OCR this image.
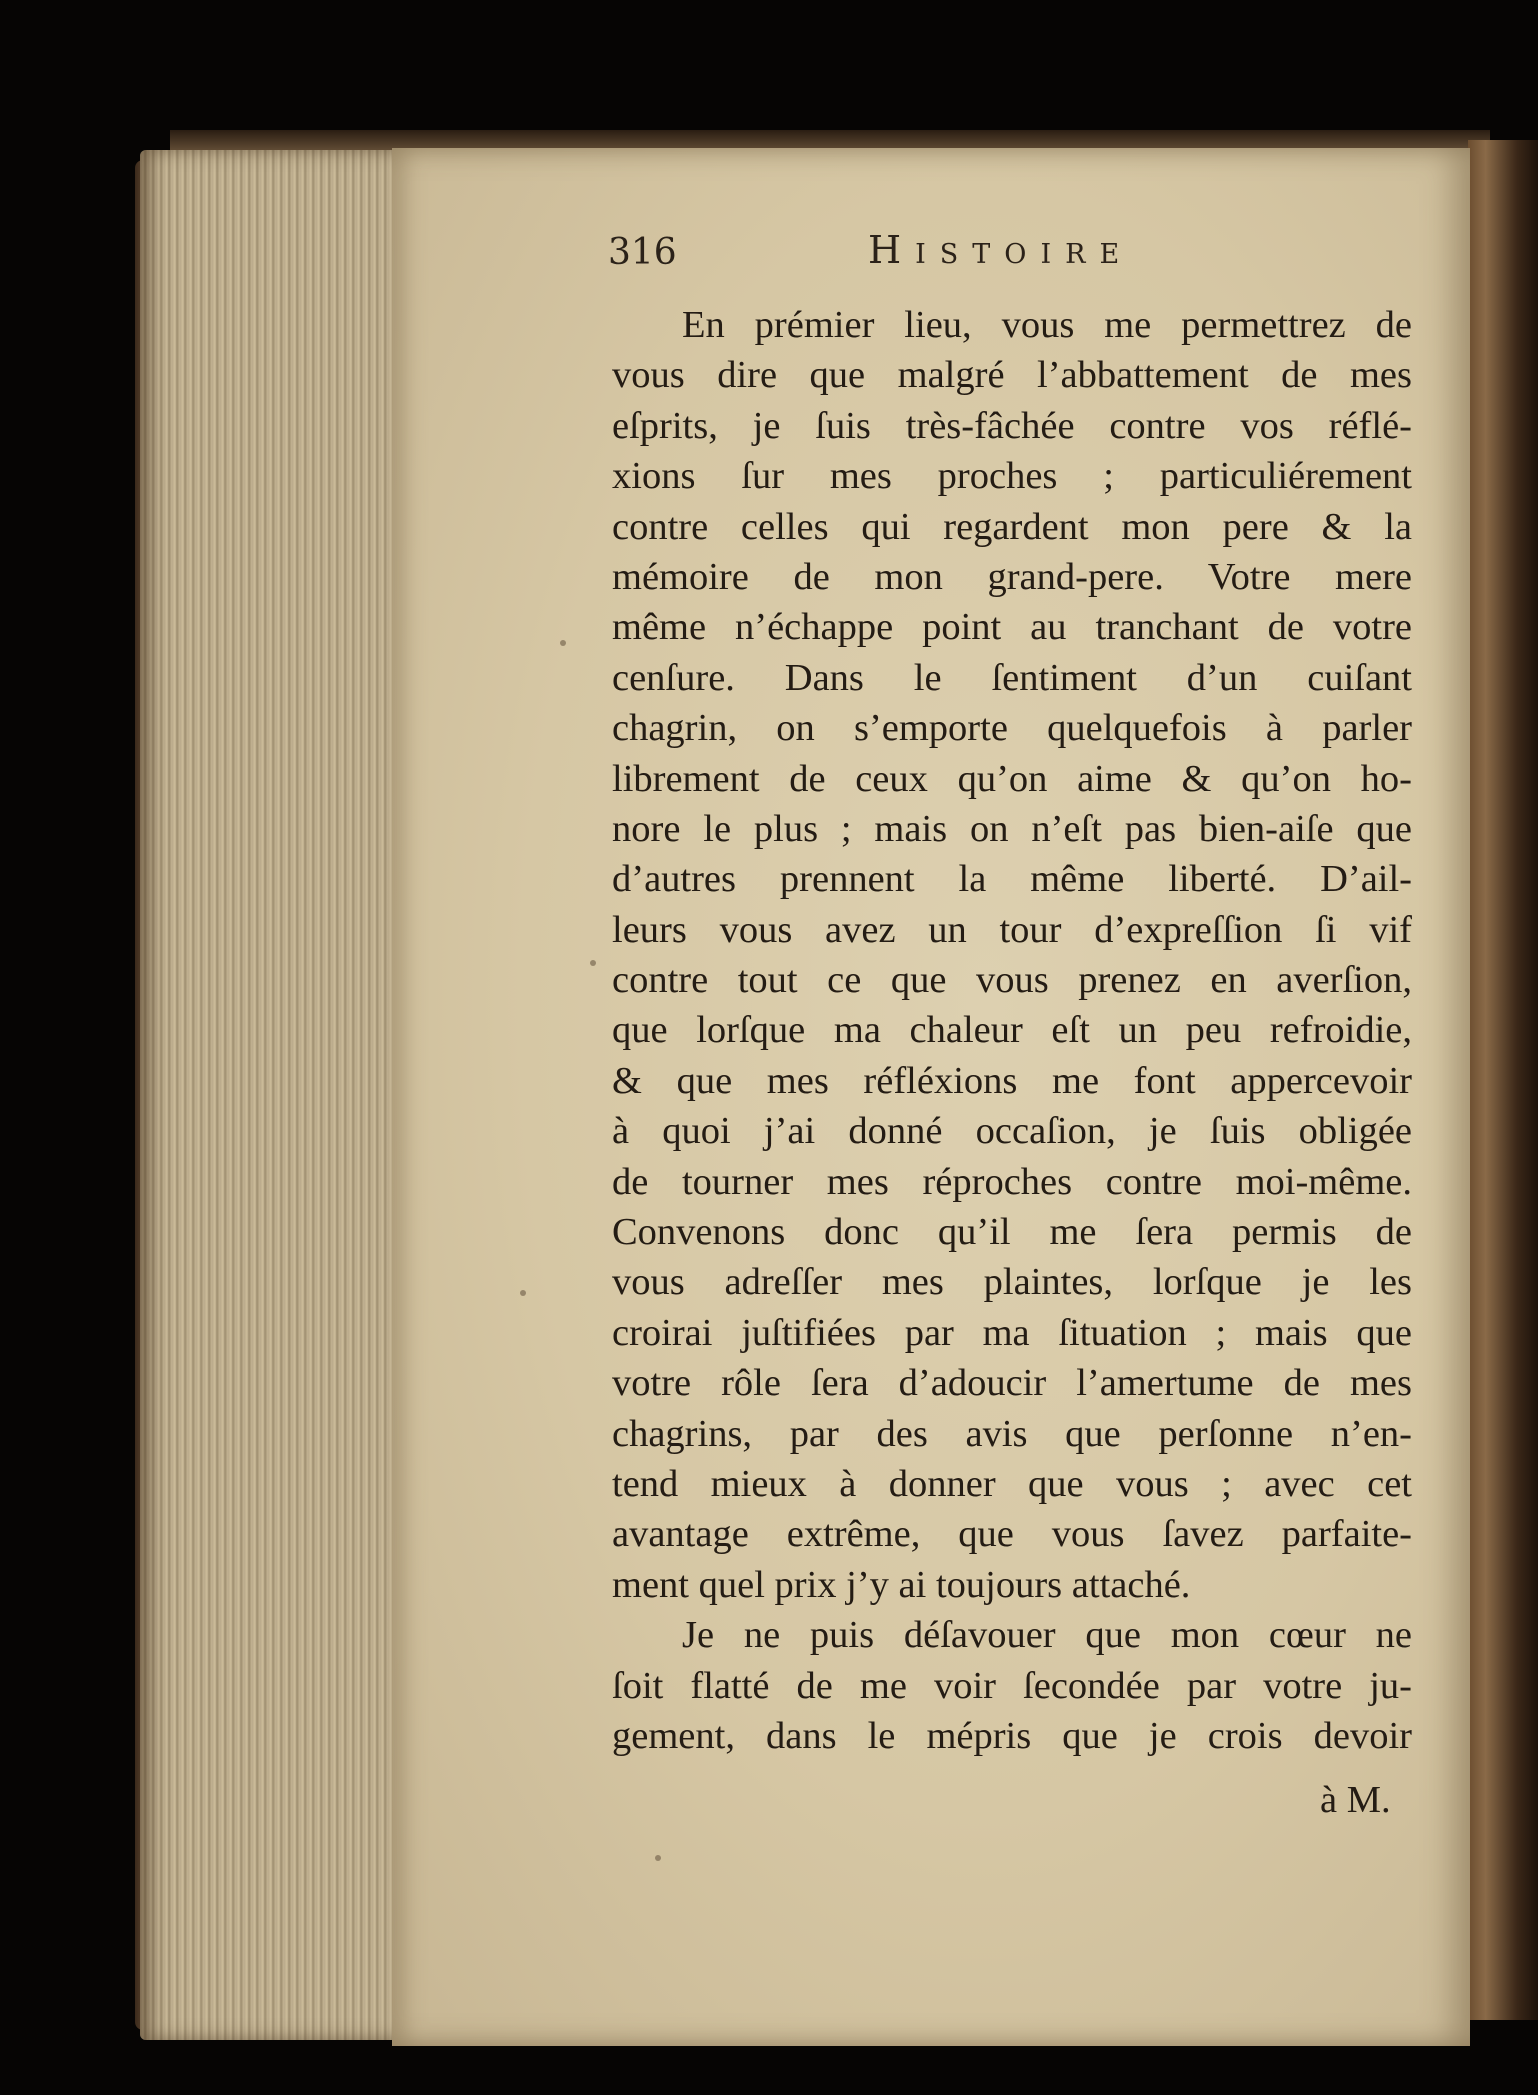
316	Histoire
En prémier lieu, vous me permettrez de
vous dire que malgré l’abbattement de mes
eſprits, je ſuis très-fâchée contre vos réflé-
xions ſur mes proches ; particuliérement
contre celles qui regardent mon pere & la
mémoire de mon grand-pere. Votre mere
même n’échappe point au tranchant de votre
cenſure. Dans le ſentiment d’un cuiſant
chagrin, on s’emporte quelquefois à parler
librement de ceux qu’on aime & qu’on ho-
nore le plus ; mais on n’eſt pas bien-aiſe que
d’autres prennent la même liberté. D’ail-
leurs vous avez un tour d’expreſſion ſi vif
contre tout ce que vous prenez en averſion,
que lorſque ma chaleur eſt un peu refroidie,
& que mes réfléxions me font appercevoir
à quoi j’ai donné occaſion, je ſuis obligée
de tourner mes réproches contre moi-même.
Convenons donc qu’il me ſera permis de
vous adreſſer mes plaintes, lorſque je les
croirai juſtifiées par ma ſituation ; mais que
votre rôle ſera d’adoucir l’amertume de mes
chagrins, par des avis que perſonne n’en-
tend mieux à donner que vous ; avec cet
avantage extrême, que vous ſavez parfaite-
ment quel prix j’y ai toujours attaché.
Je ne puis déſavouer que mon cœur ne
ſoit flatté de me voir ſecondée par votre ju-
gement, dans le mépris que je crois devoir
à M.
